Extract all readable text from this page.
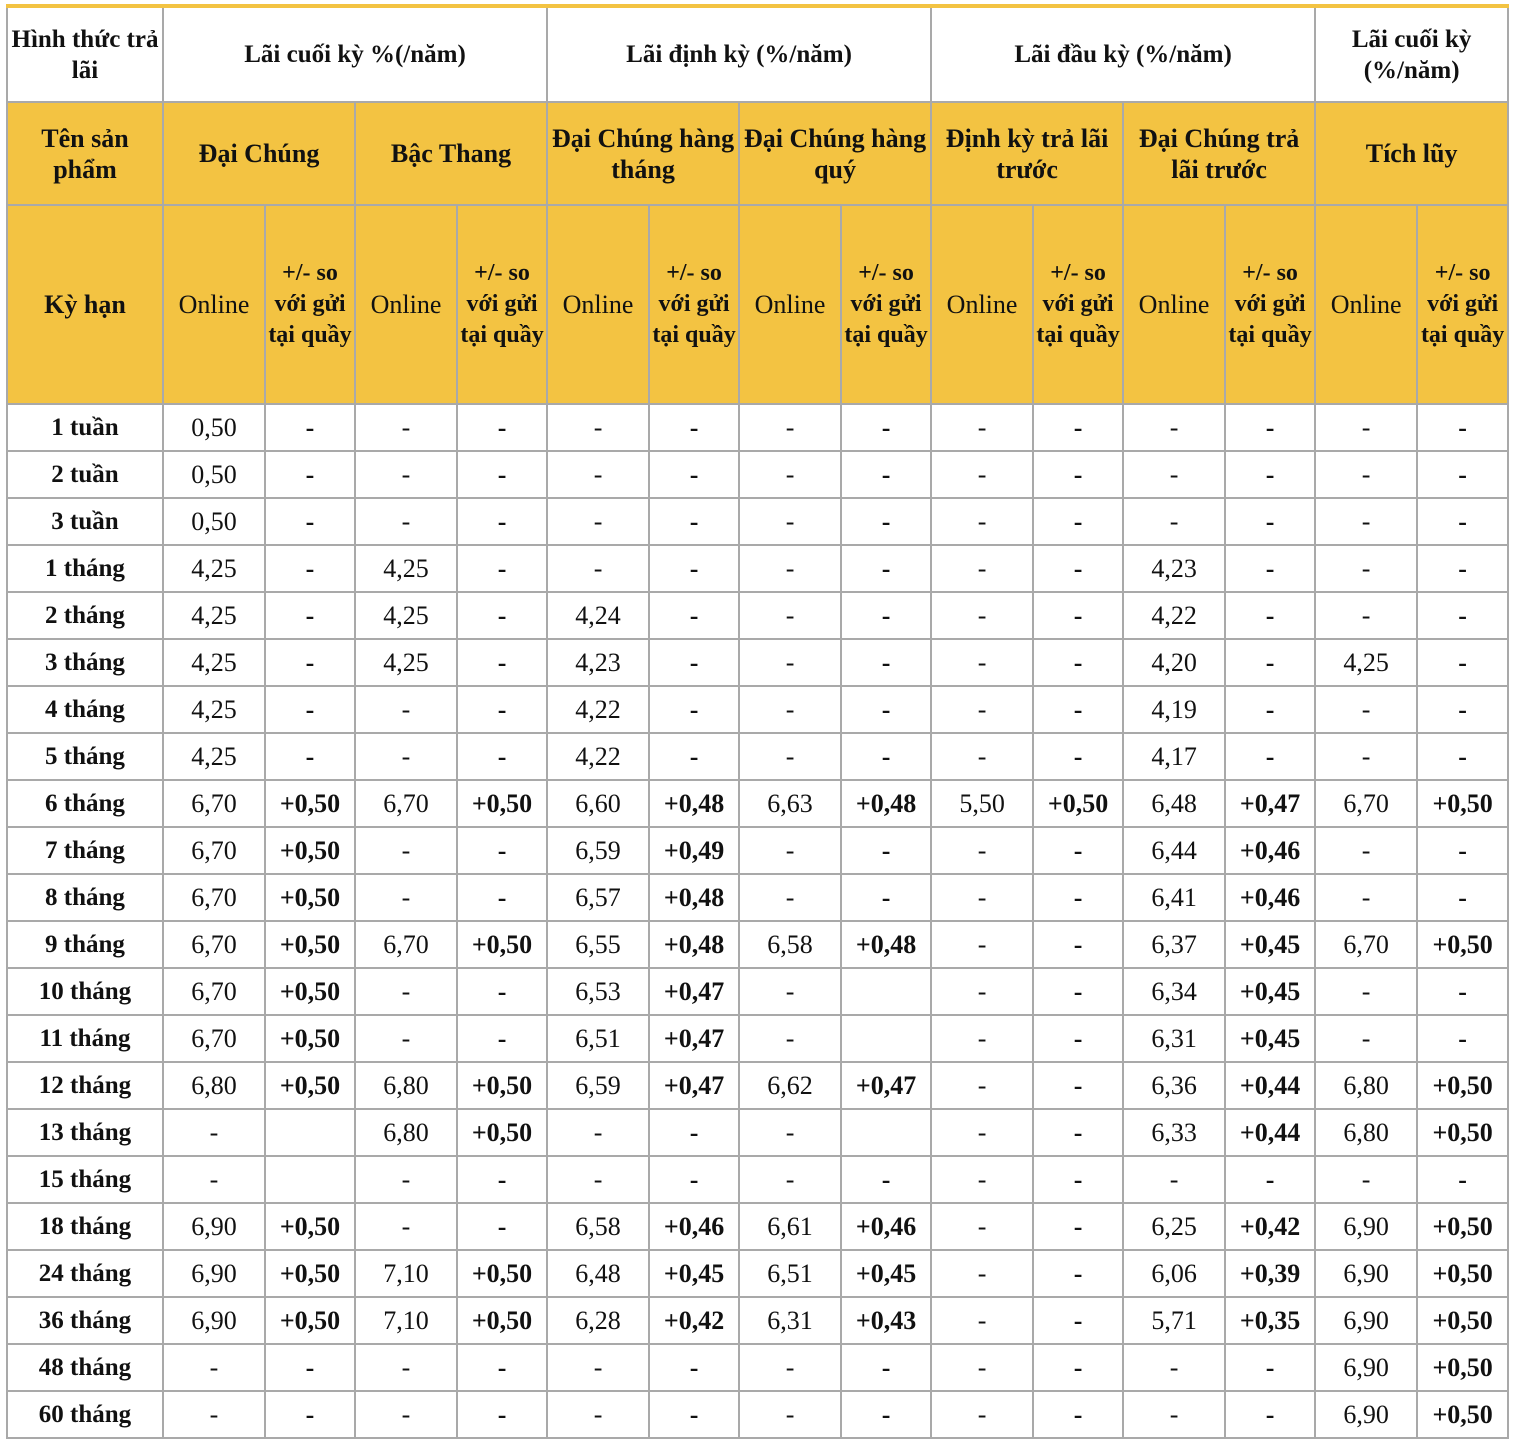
Hình thức trả lãi	Lãi cuối kỳ %(/năm)				Lãi định kỳ (%/năm)				Lãi đầu kỳ (%/năm)				Lãi cuối kỳ (%/năm)	
Tên sản phẩm	Đại Chúng		Bậc Thang		Đại Chúng hàng tháng		Đại Chúng hàng quý		Định kỳ trả lãi trước		Đại Chúng trả lãi trước		Tích lũy	
Kỳ hạn	Online	+/- so với gửi tại quầy	Online	+/- so với gửi tại quầy	Online	+/- so với gửi tại quầy	Online	+/- so với gửi tại quầy	Online	+/- so với gửi tại quầy	Online	+/- so với gửi tại quầy	Online	+/- so với gửi tại quầy
1 tuần	0,50	-	-	-	-	-	-	-	-	-	-	-	-	-
2 tuần	0,50	-	-	-	-	-	-	-	-	-	-	-	-	-
3 tuần	0,50	-	-	-	-	-	-	-	-	-	-	-	-	-
1 tháng	4,25	-	4,25	-	-	-	-	-	-	-	4,23	-	-	-
2 tháng	4,25	-	4,25	-	4,24	-	-	-	-	-	4,22	-	-	-
3 tháng	4,25	-	4,25	-	4,23	-	-	-	-	-	4,20	-	4,25	-
4 tháng	4,25	-	-	-	4,22	-	-	-	-	-	4,19	-	-	-
5 tháng	4,25	-	-	-	4,22	-	-	-	-	-	4,17	-	-	-
6 tháng	6,70	+0,50	6,70	+0,50	6,60	+0,48	6,63	+0,48	5,50	+0,50	6,48	+0,47	6,70	+0,50
7 tháng	6,70	+0,50	-	-	6,59	+0,49	-	-	-	-	6,44	+0,46	-	-
8 tháng	6,70	+0,50	-	-	6,57	+0,48	-	-	-	-	6,41	+0,46	-	-
9 tháng	6,70	+0,50	6,70	+0,50	6,55	+0,48	6,58	+0,48	-	-	6,37	+0,45	6,70	+0,50
10 tháng	6,70	+0,50	-	-	6,53	+0,47	-		-	-	6,34	+0,45	-	-
11 tháng	6,70	+0,50	-	-	6,51	+0,47	-		-	-	6,31	+0,45	-	-
12 tháng	6,80	+0,50	6,80	+0,50	6,59	+0,47	6,62	+0,47	-	-	6,36	+0,44	6,80	+0,50
13 tháng	-		6,80	+0,50	-	-	-		-	-	6,33	+0,44	6,80	+0,50
15 tháng	-		-	-	-	-	-	-	-	-	-	-	-	-
18 tháng	6,90	+0,50	-	-	6,58	+0,46	6,61	+0,46	-	-	6,25	+0,42	6,90	+0,50
24 tháng	6,90	+0,50	7,10	+0,50	6,48	+0,45	6,51	+0,45	-	-	6,06	+0,39	6,90	+0,50
36 tháng	6,90	+0,50	7,10	+0,50	6,28	+0,42	6,31	+0,43	-	-	5,71	+0,35	6,90	+0,50
48 tháng	-	-	-	-	-	-	-	-	-	-	-	-	6,90	+0,50
60 tháng	-	-	-	-	-	-	-	-	-	-	-	-	6,90	+0,50
